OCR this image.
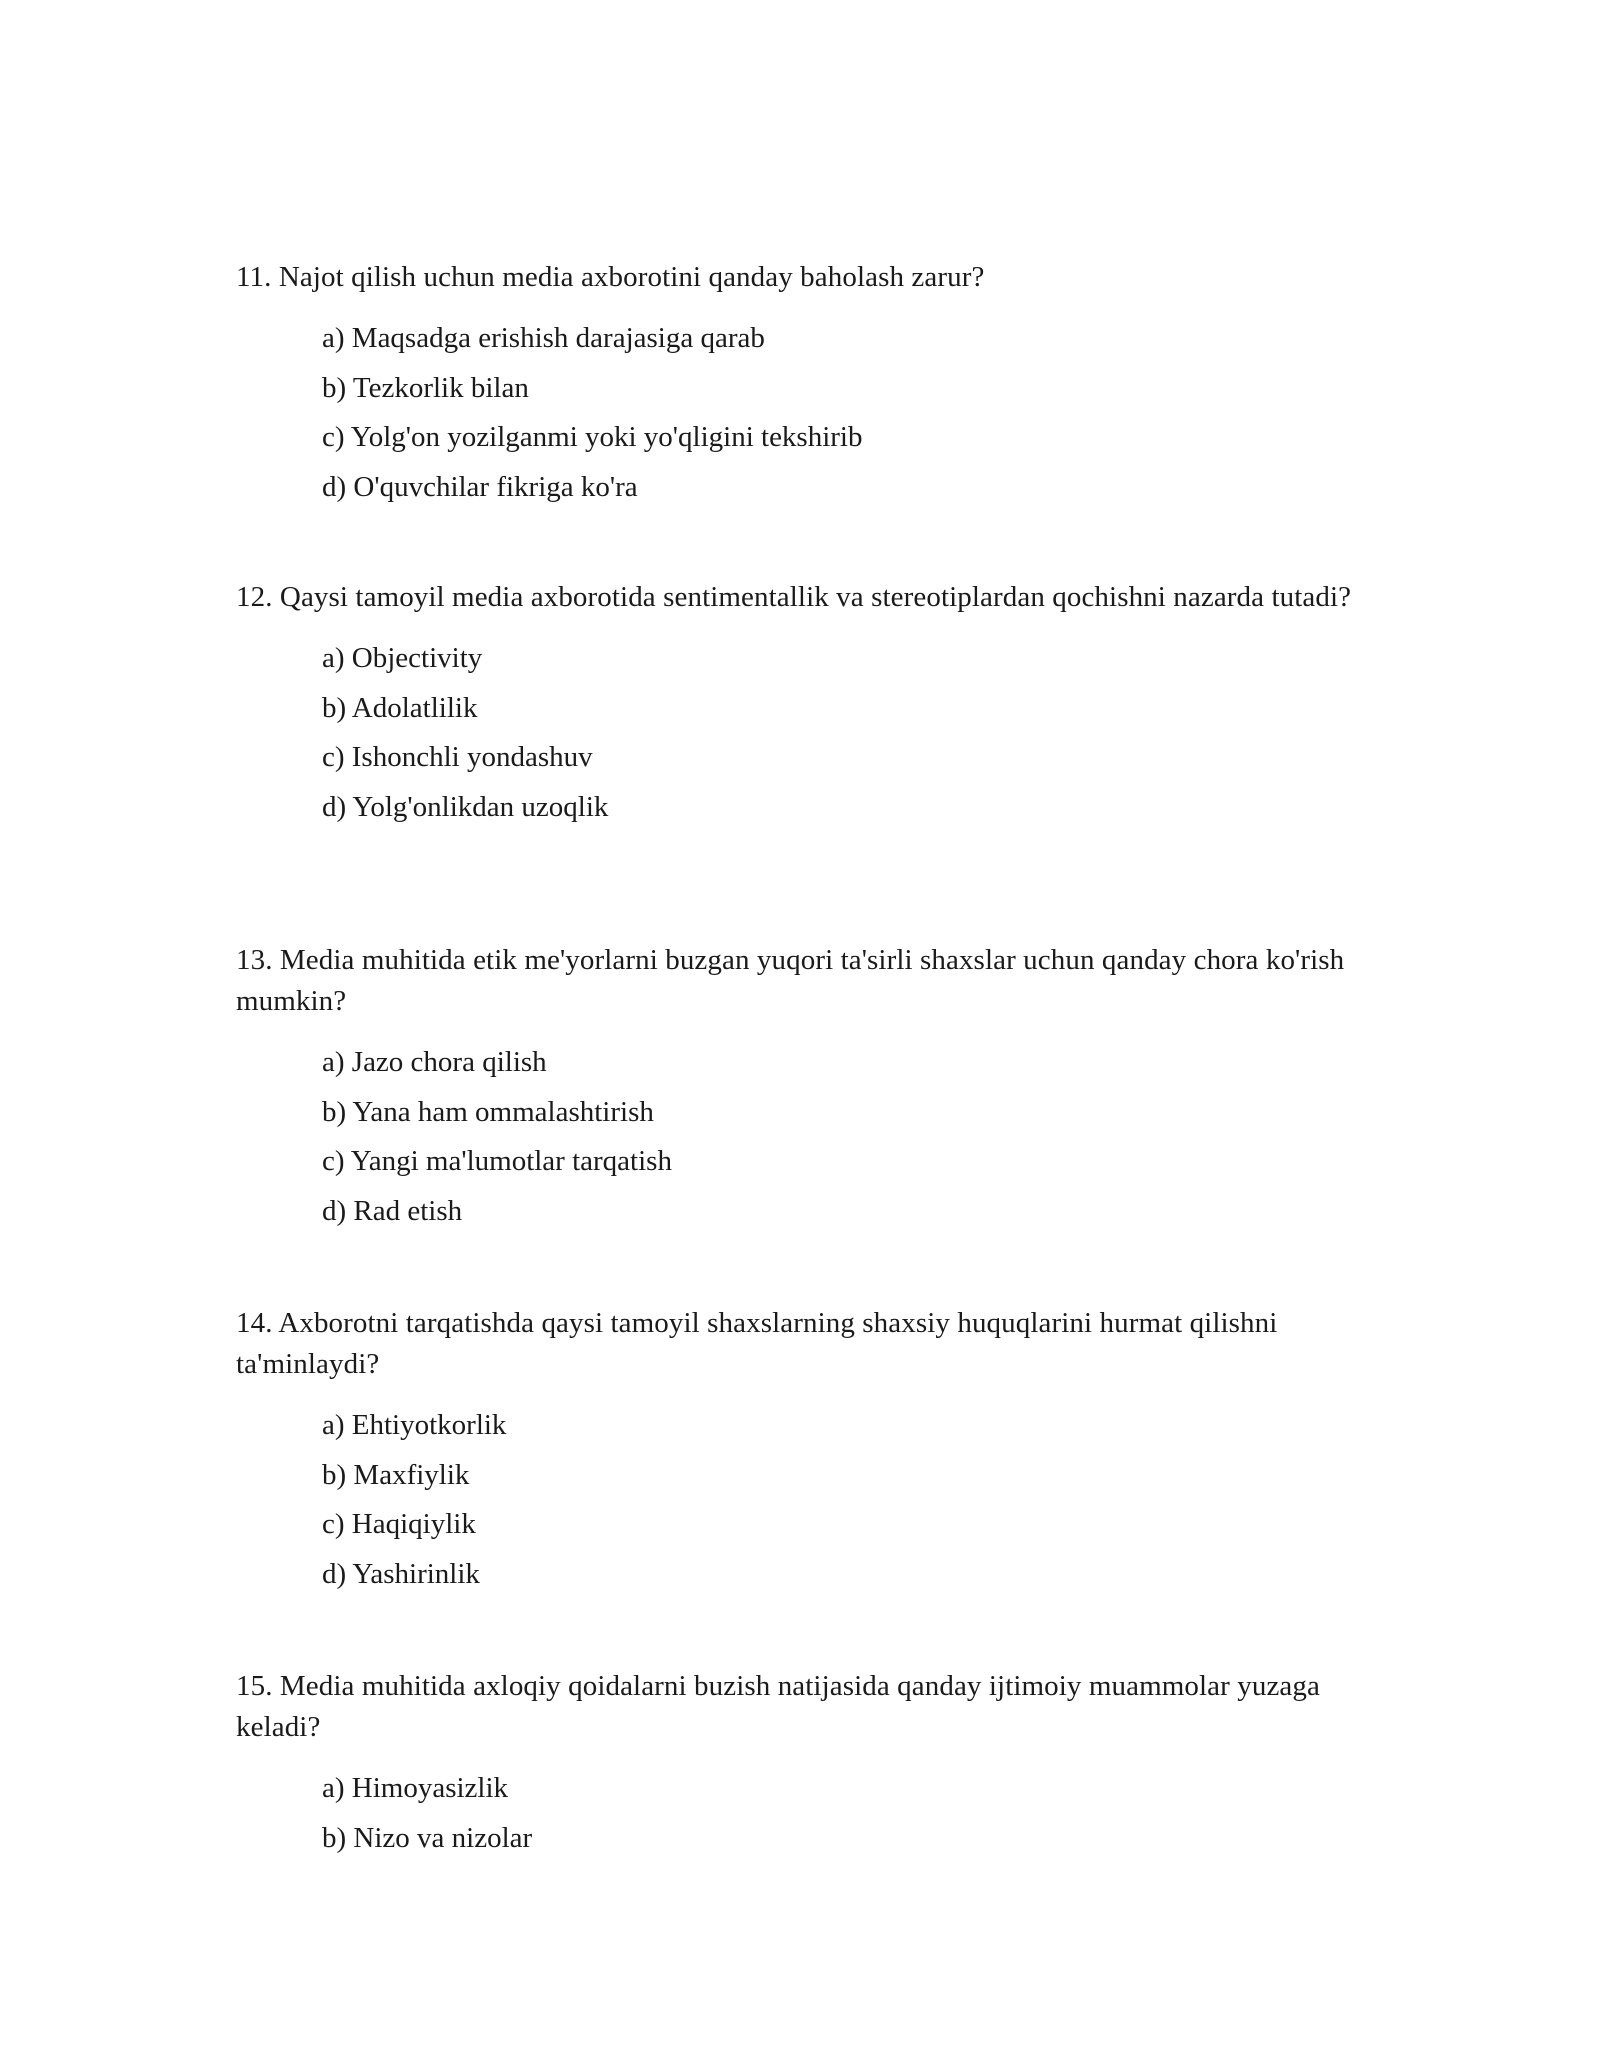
11. Najot qilish uchun media axborotini qanday baholash zarur?

a) Maqsadga erishish darajasiga qarab
b) Tezkorlik bilan
c) Yolg'on yozilganmi yoki yo'qligini tekshirib
d) O'quvchilar fikriga ko'ra

12. Qaysi tamoyil media axborotida sentimentallik va stereotiplardan qochishni nazarda tutadi?

a) Objectivity
b) Adolatlilik
c) Ishonchli yondashuv
d) Yolg'onlikdan uzoqlik

13. Media muhitida etik me'yorlarni buzgan yuqori ta'sirli shaxslar uchun qanday chora ko'rish mumkin?

a) Jazo chora qilish
b) Yana ham ommalashtirish
c) Yangi ma'lumotlar tarqatish
d) Rad etish

14. Axborotni tarqatishda qaysi tamoyil shaxslarning shaxsiy huquqlarini hurmat qilishni ta'minlaydi?

a) Ehtiyotkorlik
b) Maxfiylik
c) Haqiqiylik
d) Yashirinlik

15. Media muhitida axloqiy qoidalarni buzish natijasida qanday ijtimoiy muammolar yuzaga keladi?

a) Himoyasizlik
b) Nizo va nizolar
